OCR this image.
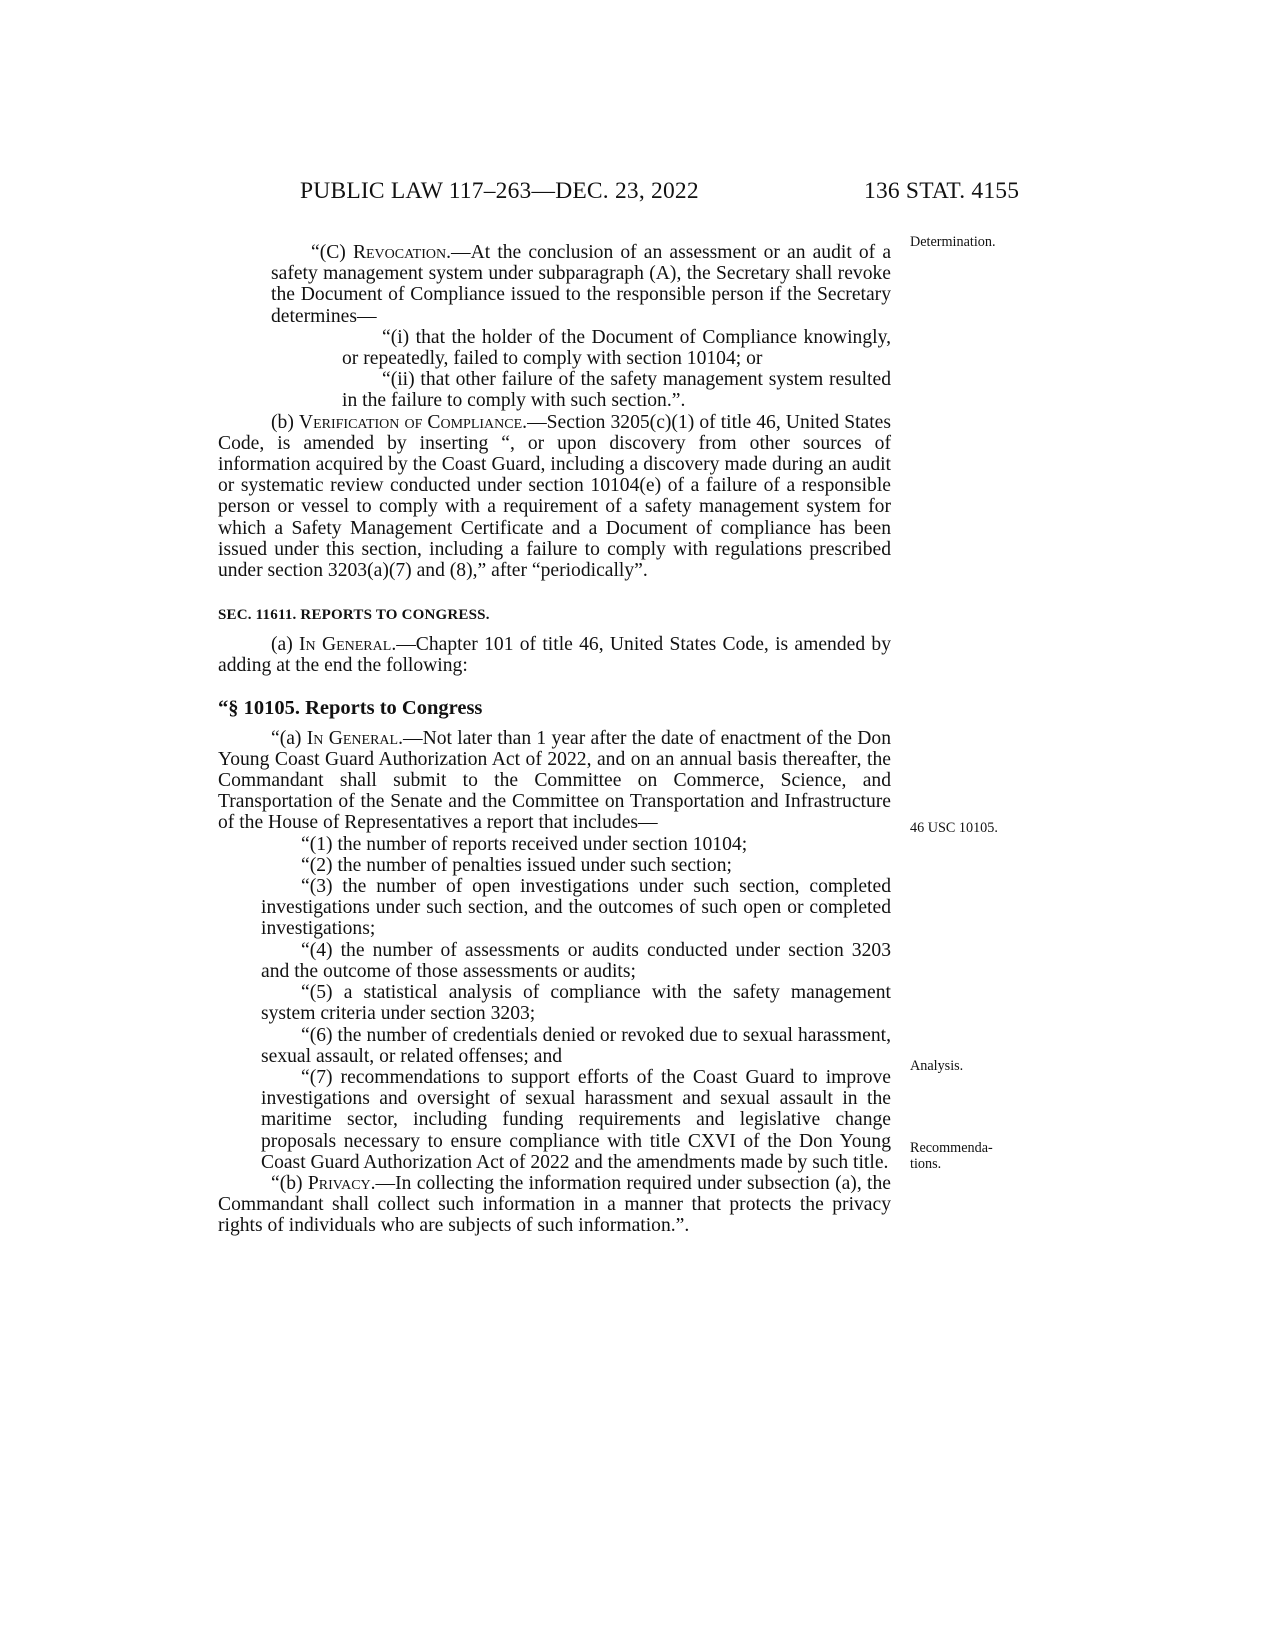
PUBLIC LAW 117–263—DEC. 23, 2022	136 STAT. 4155
Determination.
46 USC 10105.
Analysis.
Recommenda-
tions.

“(C) Revocation.—At the conclusion of an assessment or an audit of a safety management system under subparagraph (A), the Secretary shall revoke the Document of Compliance issued to the responsible person if the Secretary determines—

“(i) that the holder of the Document of Compliance knowingly, or repeatedly, failed to comply with section 10104; or

“(ii) that other failure of the safety management system resulted in the failure to comply with such section.”.

(b) Verification of Compliance.—Section 3205(c)(1) of title 46, United States Code, is amended by inserting “, or upon discovery from other sources of information acquired by the Coast Guard, including a discovery made during an audit or systematic review conducted under section 10104(e) of a failure of a responsible person or vessel to comply with a requirement of a safety management system for which a Safety Management Certificate and a Document of compliance has been issued under this section, including a failure to comply with regulations prescribed under section 3203(a)(7) and (8),” after “periodically”.

SEC. 11611. REPORTS TO CONGRESS.

(a) In General.—Chapter 101 of title 46, United States Code, is amended by adding at the end the following:

“§ 10105. Reports to Congress

“(a) In General.—Not later than 1 year after the date of enactment of the Don Young Coast Guard Authorization Act of 2022, and on an annual basis thereafter, the Commandant shall submit to the Committee on Commerce, Science, and Transportation of the Senate and the Committee on Transportation and Infrastructure of the House of Representatives a report that includes—

“(1) the number of reports received under section 10104;

“(2) the number of penalties issued under such section;

“(3) the number of open investigations under such section, completed investigations under such section, and the outcomes of such open or completed investigations;

“(4) the number of assessments or audits conducted under section 3203 and the outcome of those assessments or audits;

“(5) a statistical analysis of compliance with the safety management system criteria under section 3203;

“(6) the number of credentials denied or revoked due to sexual harassment, sexual assault, or related offenses; and

“(7) recommendations to support efforts of the Coast Guard to improve investigations and oversight of sexual harassment and sexual assault in the maritime sector, including funding requirements and legislative change proposals necessary to ensure compliance with title CXVI of the Don Young Coast Guard Authorization Act of 2022 and the amendments made by such title.

“(b) Privacy.—In collecting the information required under subsection (a), the Commandant shall collect such information in a manner that protects the privacy rights of individuals who are subjects of such information.”.
